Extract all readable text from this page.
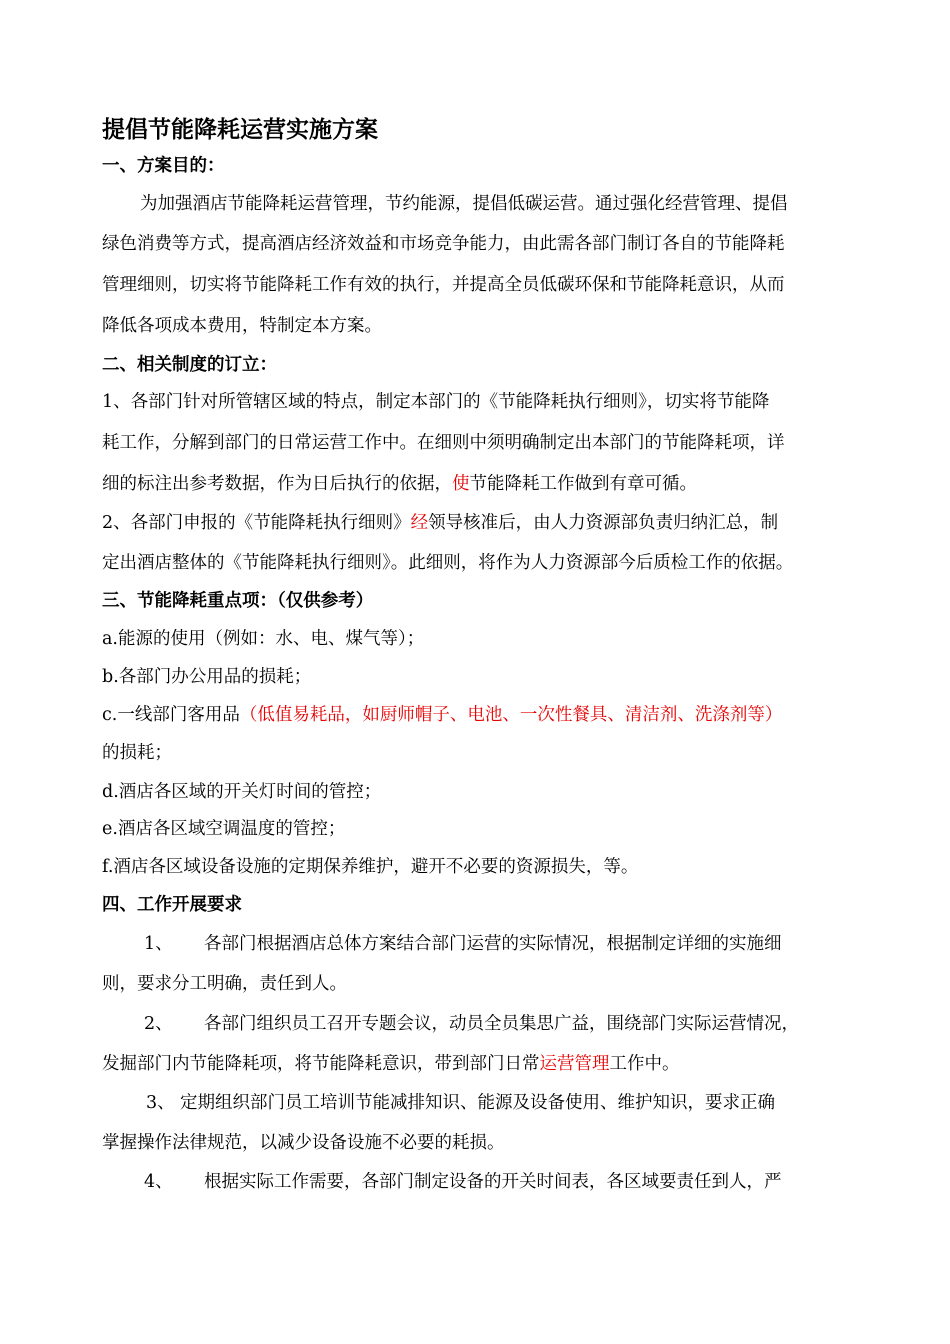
提倡节能降耗运营实施方案

一、方案目的：

为加强酒店节能降耗运营管理，节约能源，提倡低碳运营。通过强化经营管理、提倡

绿色消费等方式，提高酒店经济效益和市场竞争能力，由此需各部门制订各自的节能降耗

管理细则，切实将节能降耗工作有效的执行，并提高全员低碳环保和节能降耗意识，从而

降低各项成本费用，特制定本方案。

二、相关制度的订立：

1、各部门针对所管辖区域的特点，制定本部门的《节能降耗执行细则》，切实将节能降

耗工作，分解到部门的日常运营工作中。在细则中须明确制定出本部门的节能降耗项，详

细的标注出参考数据，作为日后执行的依据，使节能降耗工作做到有章可循。

2、各部门申报的《节能降耗执行细则》经领导核准后，由人力资源部负责归纳汇总，制

定出酒店整体的《节能降耗执行细则》。此细则，将作为人力资源部今后质检工作的依据。

三、节能降耗重点项：（仅供参考）

a.能源的使用（例如：水、电、煤气等）；

b.各部门办公用品的损耗；

c.一线部门客用品（低值易耗品，如厨师帽子、电池、一次性餐具、清洁剂、洗涤剂等）

的损耗；

d.酒店各区域的开关灯时间的管控；

e.酒店各区域空调温度的管控；

f.酒店各区域设备设施的定期保养维护，避开不必要的资源损失，等。

四、工作开展要求

1、 各部门根据酒店总体方案结合部门运营的实际情况，根据制定详细的实施细

则，要求分工明确，责任到人。

2、 各部门组织员工召开专题会议，动员全员集思广益，围绕部门实际运营情况，

发掘部门内节能降耗项，将节能降耗意识，带到部门日常运营管理工作中。

3、 定期组织部门员工培训节能减排知识、能源及设备使用、维护知识，要求正确

掌握操作法律规范，以减少设备设施不必要的耗损。

4、 根据实际工作需要，各部门制定设备的开关时间表，各区域要责任到人，严
